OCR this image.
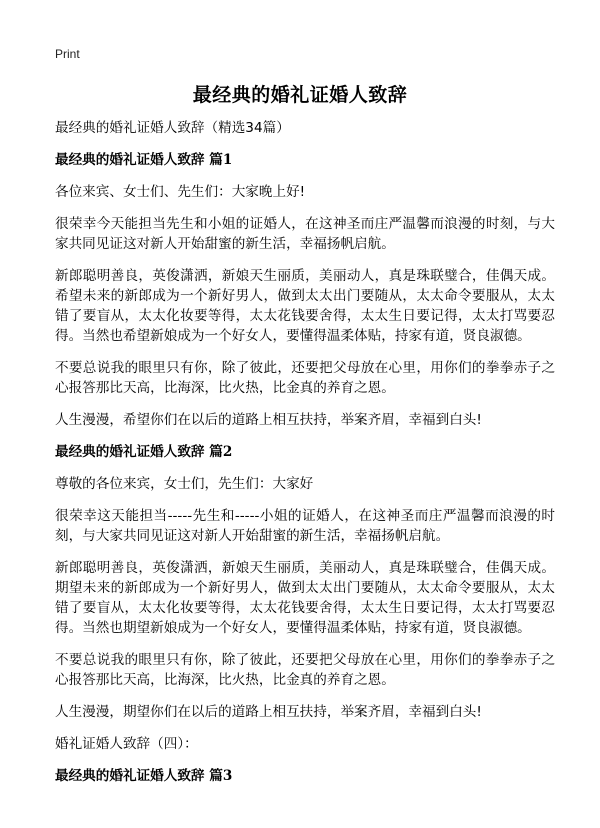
Print
最经典的婚礼证婚人致辞

最经典的婚礼证婚人致辞（精选34篇）

最经典的婚礼证婚人致辞 篇1

各位来宾、女士们、先生们：大家晚上好!

很荣幸今天能担当先生和小姐的证婚人，在这神圣而庄严温馨而浪漫的时刻，与大家共同见证这对新人开始甜蜜的新生活，幸福扬帆启航。

新郎聪明善良，英俊潇洒，新娘天生丽质，美丽动人，真是珠联璧合，佳偶天成。希望未来的新郎成为一个新好男人，做到太太出门要随从，太太命令要服从，太太错了要盲从，太太化妆要等得，太太花钱要舍得，太太生日要记得，太太打骂要忍得。当然也希望新娘成为一个好女人，要懂得温柔体贴，持家有道，贤良淑德。

不要总说我的眼里只有你，除了彼此，还要把父母放在心里，用你们的拳拳赤子之心报答那比天高，比海深，比火热，比金真的养育之恩。

人生漫漫，希望你们在以后的道路上相互扶持，举案齐眉，幸福到白头!

最经典的婚礼证婚人致辞 篇2

尊敬的各位来宾，女士们，先生们：大家好

很荣幸这天能担当-----先生和-----小姐的证婚人，在这神圣而庄严温馨而浪漫的时刻，与大家共同见证这对新人开始甜蜜的新生活，幸福扬帆启航。

新郎聪明善良，英俊潇洒，新娘天生丽质，美丽动人，真是珠联璧合，佳偶天成。期望未来的新郎成为一个新好男人，做到太太出门要随从，太太命令要服从，太太错了要盲从，太太化妆要等得，太太花钱要舍得，太太生日要记得，太太打骂要忍得。当然也期望新娘成为一个好女人，要懂得温柔体贴，持家有道，贤良淑德。

不要总说我的眼里只有你，除了彼此，还要把父母放在心里，用你们的拳拳赤子之心报答那比天高，比海深，比火热，比金真的养育之恩。

人生漫漫，期望你们在以后的道路上相互扶持，举案齐眉，幸福到白头!

婚礼证婚人致辞（四）：

最经典的婚礼证婚人致辞 篇3
